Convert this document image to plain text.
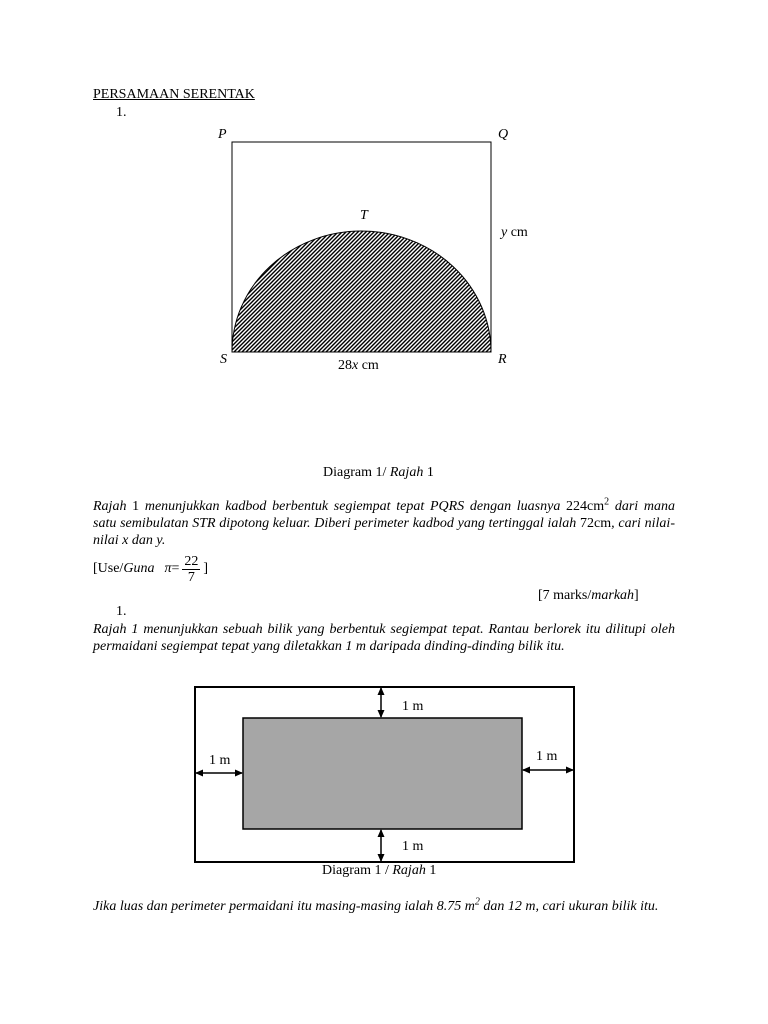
PERSAMAAN SERENTAK
1.
P	Q
R
S
T
y cm
28x cm
Diagram 1/ Rajah 1
Rajah 1 menunjukkan kadbod berbentuk segiempat tepat PQRS dengan luasnya $224cm^2$ dari mana satu semibulatan STR dipotong keluar. Diberi perimeter kadbod yang tertinggal ialah 72cm, cari nilai-nilai x dan y.
[Use/ Guna $\pi = \frac{22}{7}$ ]
[7 marks/markah]
1.
Rajah 1 menunjukkan sebuah bilik yang berbentuk segiempat tepat. Rantau berlorek itu dilitupi oleh permaidani segiempat tepat yang diletakkan 1 m daripada dinding-dinding bilik itu.
1 m
1 m	1 m
1 m
Diagram 1 / Rajah 1
Jika luas dan perimeter permaidani itu masing-masing ialah 8.75 $m^2$ dan 12 m, cari ukuran bilik itu.
